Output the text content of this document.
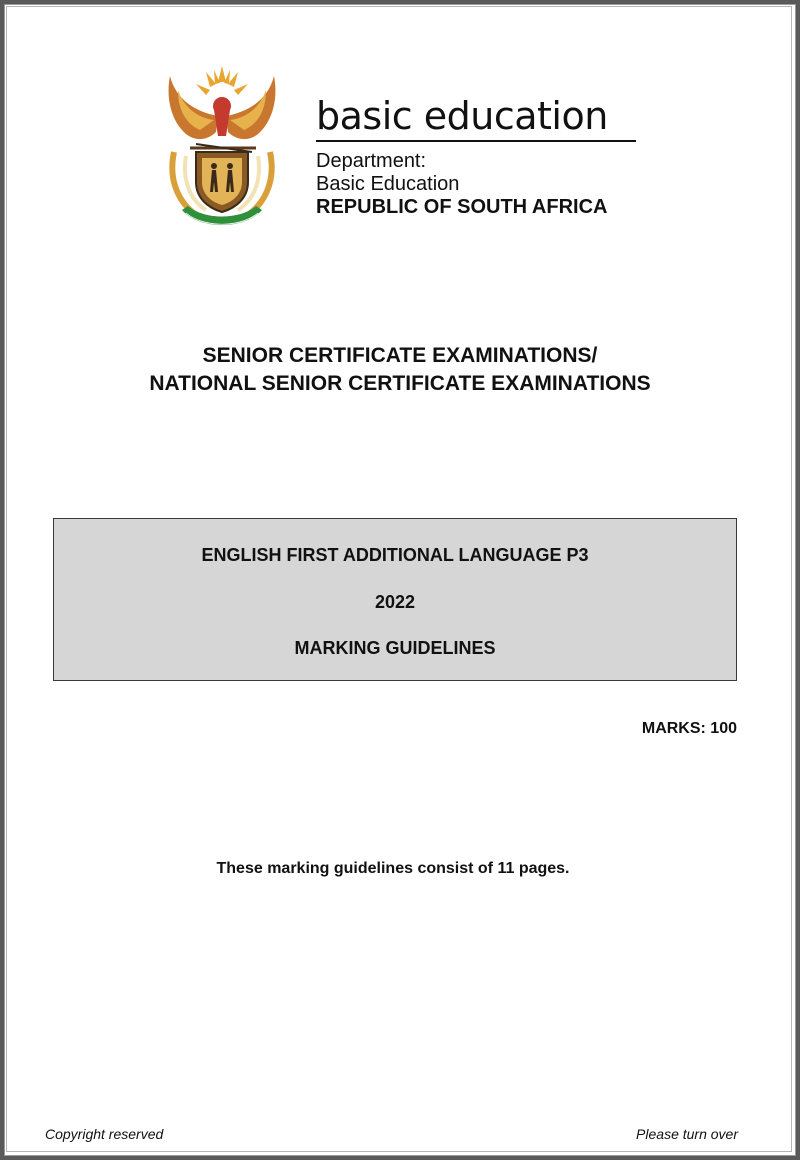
basic education
Department:
Basic Education
REPUBLIC OF SOUTH AFRICA
SENIOR CERTIFICATE EXAMINATIONS/
NATIONAL SENIOR CERTIFICATE EXAMINATIONS
ENGLISH FIRST ADDITIONAL LANGUAGE P3
2022
MARKING GUIDELINES
MARKS: 100
These marking guidelines consist of 11 pages.
Copyright reserved	Please turn over
